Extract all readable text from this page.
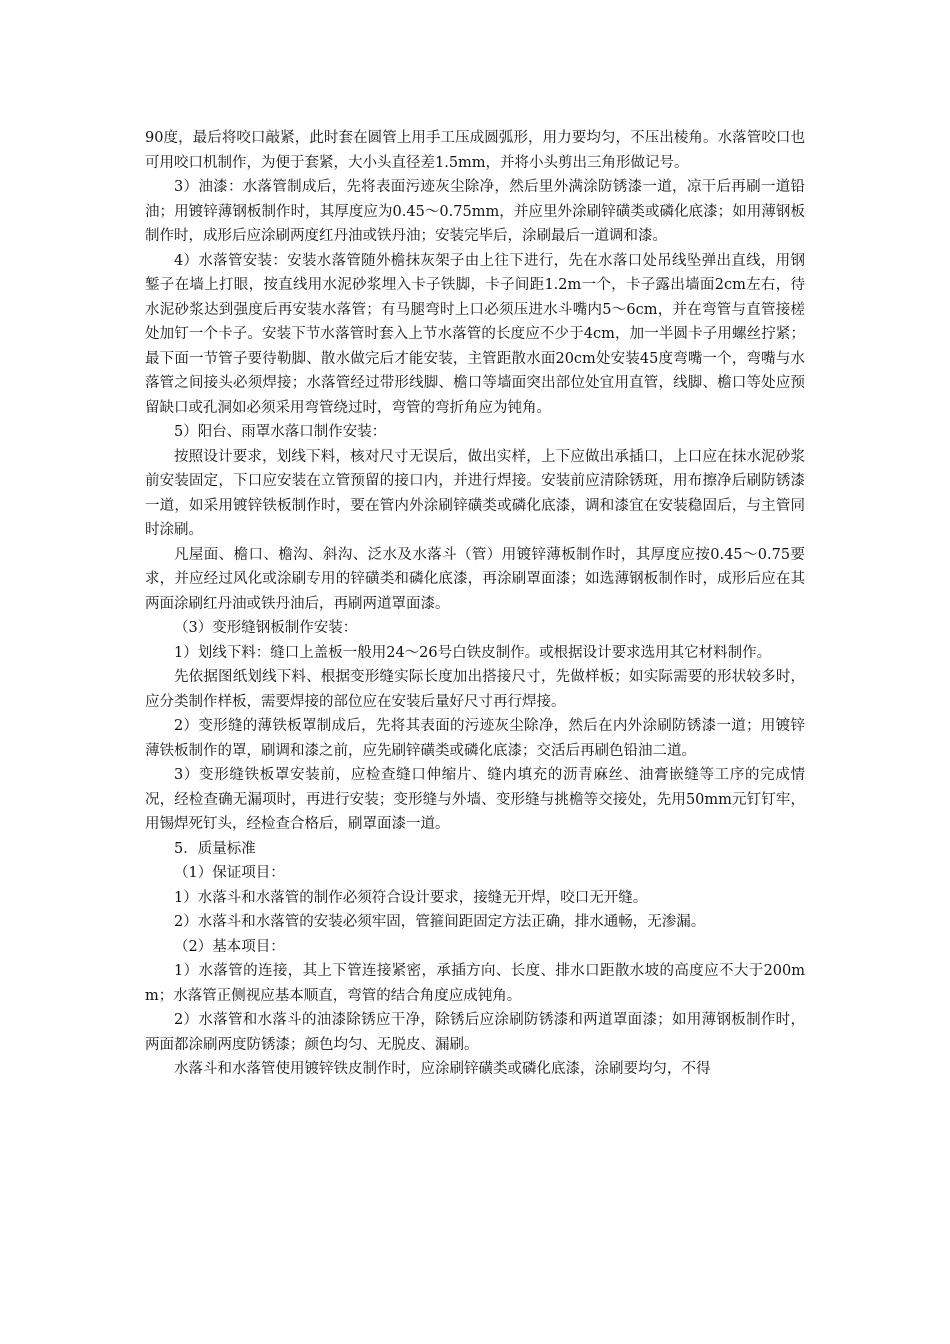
90度，最后将咬口敲紧，此时套在圆管上用手工压成圆弧形，用力要均匀，不压出棱角。水落管咬口也可用咬口机制作，为便于套紧，大小头直径差1.5mm，并将小头剪出三角形做记号。

3）油漆：水落管制成后，先将表面污迹灰尘除净，然后里外满涂防锈漆一道，凉干后再刷一道铅油；用镀锌薄钢板制作时，其厚度应为0.45～0.75mm，并应里外涂刷锌磺类或磷化底漆；如用薄钢板制作时，成形后应涂刷两度红丹油或铁丹油；安装完毕后，涂刷最后一道调和漆。

4）水落管安装：安装水落管随外檐抹灰架子由上往下进行，先在水落口处吊线坠弹出直线，用钢錾子在墙上打眼，按直线用水泥砂浆埋入卡子铁脚，卡子间距1.2m一个，卡子露出墙面2cm左右，待水泥砂浆达到强度后再安装水落管；有马腿弯时上口必须压进水斗嘴内5～6cm，并在弯管与直管接槎处加钉一个卡子。安装下节水落管时套入上节水落管的长度应不少于4cm，加一半圆卡子用螺丝拧紧；最下面一节管子要待勒脚、散水做完后才能安装，主管距散水面20cm处安装45度弯嘴一个，弯嘴与水落管之间接头必须焊接；水落管经过带形线脚、檐口等墙面突出部位处宜用直管，线脚、檐口等处应预留缺口或孔洞如必须采用弯管绕过时，弯管的弯折角应为钝角。

5）阳台、雨罩水落口制作安装：

按照设计要求，划线下料，核对尺寸无误后，做出实样，上下应做出承插口，上口应在抹水泥砂浆前安装固定，下口应安装在立管预留的接口内，并进行焊接。安装前应清除锈斑，用布擦净后刷防锈漆一道，如采用镀锌铁板制作时，要在管内外涂刷锌磺类或磷化底漆，调和漆宜在安装稳固后，与主管同时涂刷。

凡屋面、檐口、檐沟、斜沟、泛水及水落斗（管）用镀锌薄板制作时，其厚度应按0.45～0.75要求，并应经过风化或涂刷专用的锌磺类和磷化底漆，再涂刷罩面漆；如选薄钢板制作时，成形后应在其两面涂刷红丹油或铁丹油后，再刷两道罩面漆。

（3）变形缝钢板制作安装：

1）划线下料：缝口上盖板一般用24～26号白铁皮制作。或根据设计要求选用其它材料制作。

先依据图纸划线下料、根据变形缝实际长度加出搭接尺寸，先做样板；如实际需要的形状较多时，应分类制作样板，需要焊接的部位应在安装后量好尺寸再行焊接。

2）变形缝的薄铁板罩制成后，先将其表面的污迹灰尘除净，然后在内外涂刷防锈漆一道；用镀锌薄铁板制作的罩，刷调和漆之前，应先刷锌磺类或磷化底漆；交活后再刷色铅油二道。

3）变形缝铁板罩安装前，应检查缝口伸缩片、缝内填充的沥青麻丝、油膏嵌缝等工序的完成情况，经检查确无漏项时，再进行安装；变形缝与外墙、变形缝与挑檐等交接处，先用50mm元钉钉牢，用锡焊死钉头，经检查合格后，刷罩面漆一道。

5．质量标准

（1）保证项目：

1）水落斗和水落管的制作必须符合设计要求，接缝无开焊，咬口无开缝。

2）水落斗和水落管的安装必须牢固，管箍间距固定方法正确，排水通畅，无渗漏。

（2）基本项目：

1）水落管的连接，其上下管连接紧密，承插方向、长度、排水口距散水坡的高度应不大于200mm；水落管正侧视应基本顺直，弯管的结合角度应成钝角。

2）水落管和水落斗的油漆除锈应干净，除锈后应涂刷防锈漆和两道罩面漆；如用薄钢板制作时，两面都涂刷两度防锈漆；颜色均匀、无脱皮、漏刷。

水落斗和水落管使用镀锌铁皮制作时，应涂刷锌磺类或磷化底漆，涂刷要均匀，不得
